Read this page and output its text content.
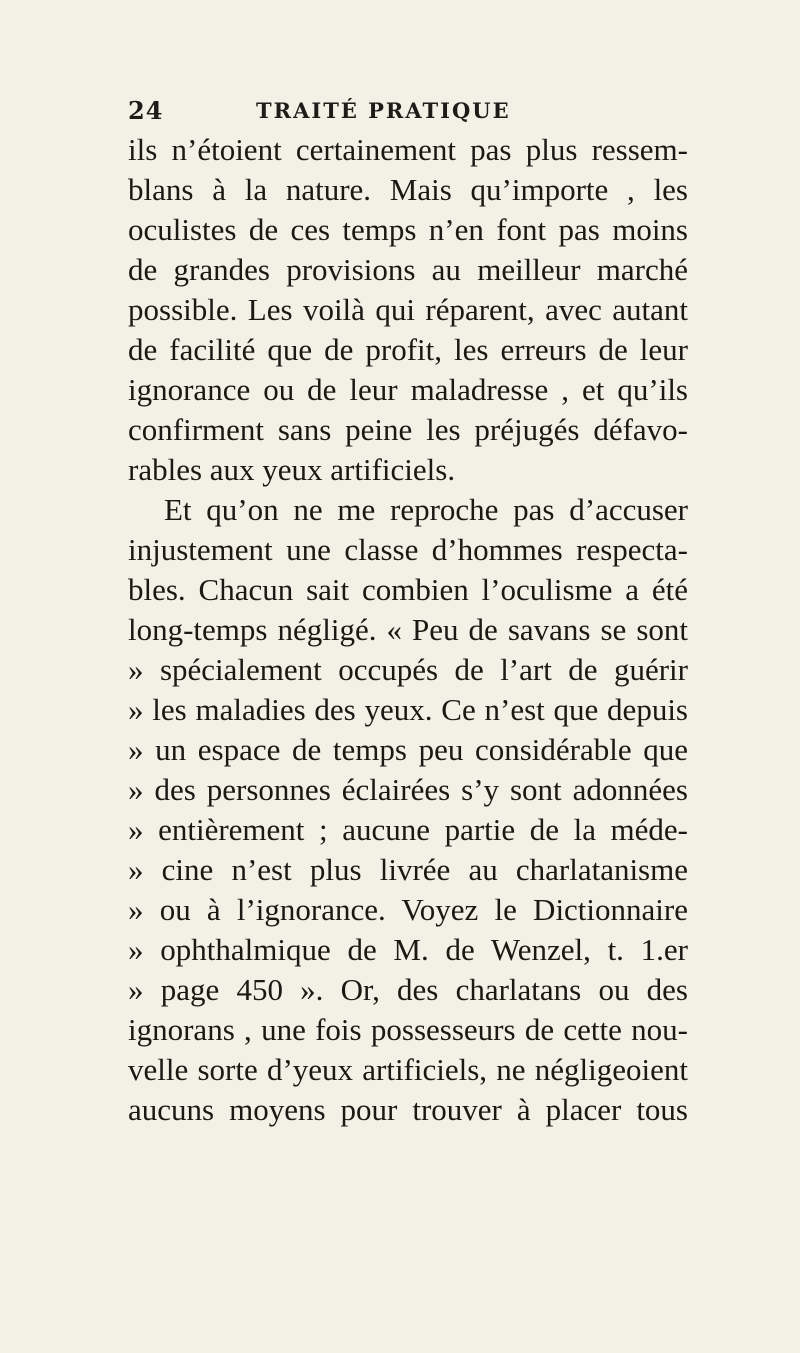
24	TRAITÉ PRATIQUE
ils n’étoient certainement pas plus ressem-
blans à la nature. Mais qu’importe , les
oculistes de ces temps n’en font pas moins
de grandes provisions au meilleur marché
possible. Les voilà qui réparent, avec autant
de facilité que de profit, les erreurs de leur
ignorance ou de leur maladresse , et qu’ils
confirment sans peine les préjugés défavo-
rables aux yeux artificiels.
Et qu’on ne me reproche pas d’accuser
injustement une classe d’hommes respecta-
bles. Chacun sait combien l’oculisme a été
long-temps négligé. « Peu de savans se sont
» spécialement occupés de l’art de guérir
» les maladies des yeux. Ce n’est que depuis
» un espace de temps peu considérable que
» des personnes éclairées s’y sont adonnées
» entièrement ; aucune partie de la méde-
» cine n’est plus livrée au charlatanisme
» ou à l’ignorance. Voyez le Dictionnaire
» ophthalmique de M. de Wenzel, t. 1.er
» page 450 ». Or, des charlatans ou des
ignorans , une fois possesseurs de cette nou-
velle sorte d’yeux artificiels, ne négligeoient
aucuns moyens pour trouver à placer tous
